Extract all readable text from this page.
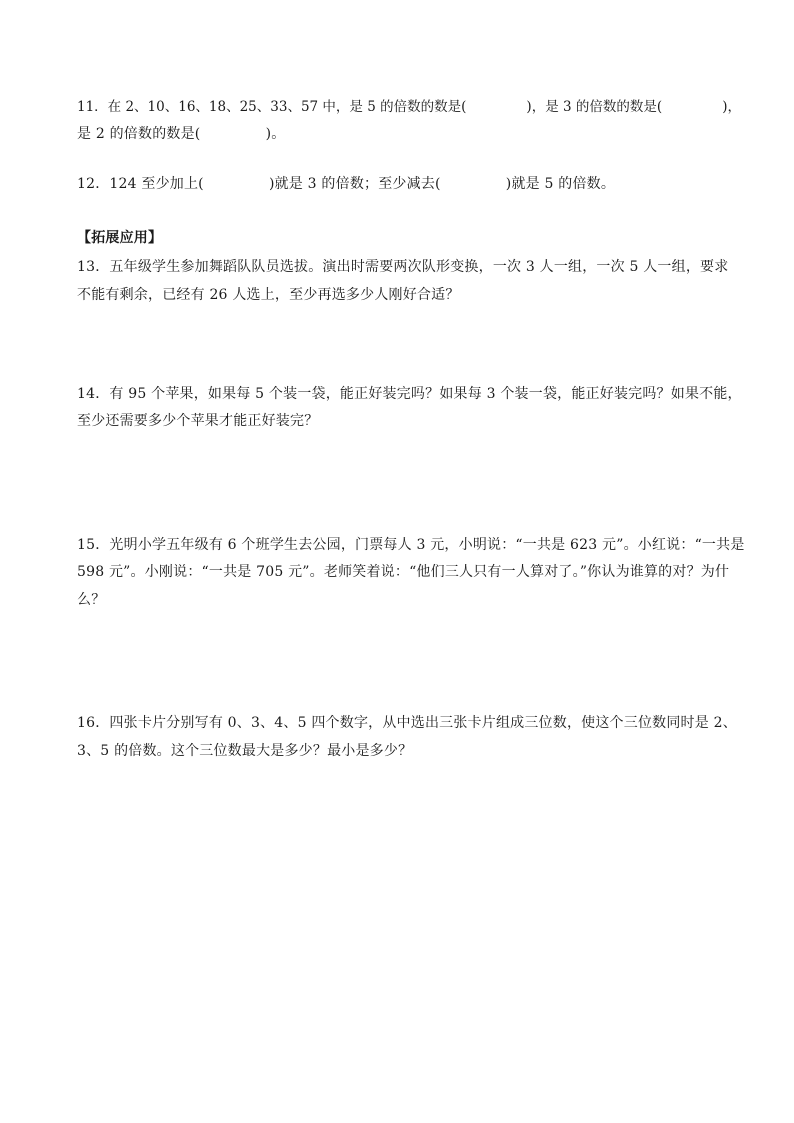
11．在 2、10、16、18、25、33、57 中，是 5 的倍数的数是(              )，是 3 的倍数的数是(              )，
是 2 的倍数的数是(              )。
12．124 至少加上(              )就是 3 的倍数；至少减去(              )就是 5 的倍数。
【拓展应用】
13．五年级学生参加舞蹈队队员选拔。演出时需要两次队形变换，一次 3 人一组，一次 5 人一组，要求
不能有剩余，已经有 26 人选上，至少再选多少人刚好合适？
14．有 95 个苹果，如果每 5 个装一袋，能正好装完吗？如果每 3 个装一袋，能正好装完吗？如果不能，
至少还需要多少个苹果才能正好装完？
15．光明小学五年级有 6 个班学生去公园，门票每人 3 元，小明说：“一共是 623 元”。小红说：“一共是
598 元”。小刚说：“一共是 705 元”。老师笑着说：“他们三人只有一人算对了。”你认为谁算的对？为什
么？
16．四张卡片分别写有 0、3、4、5 四个数字，从中选出三张卡片组成三位数，使这个三位数同时是 2、
3、5 的倍数。这个三位数最大是多少？最小是多少？
